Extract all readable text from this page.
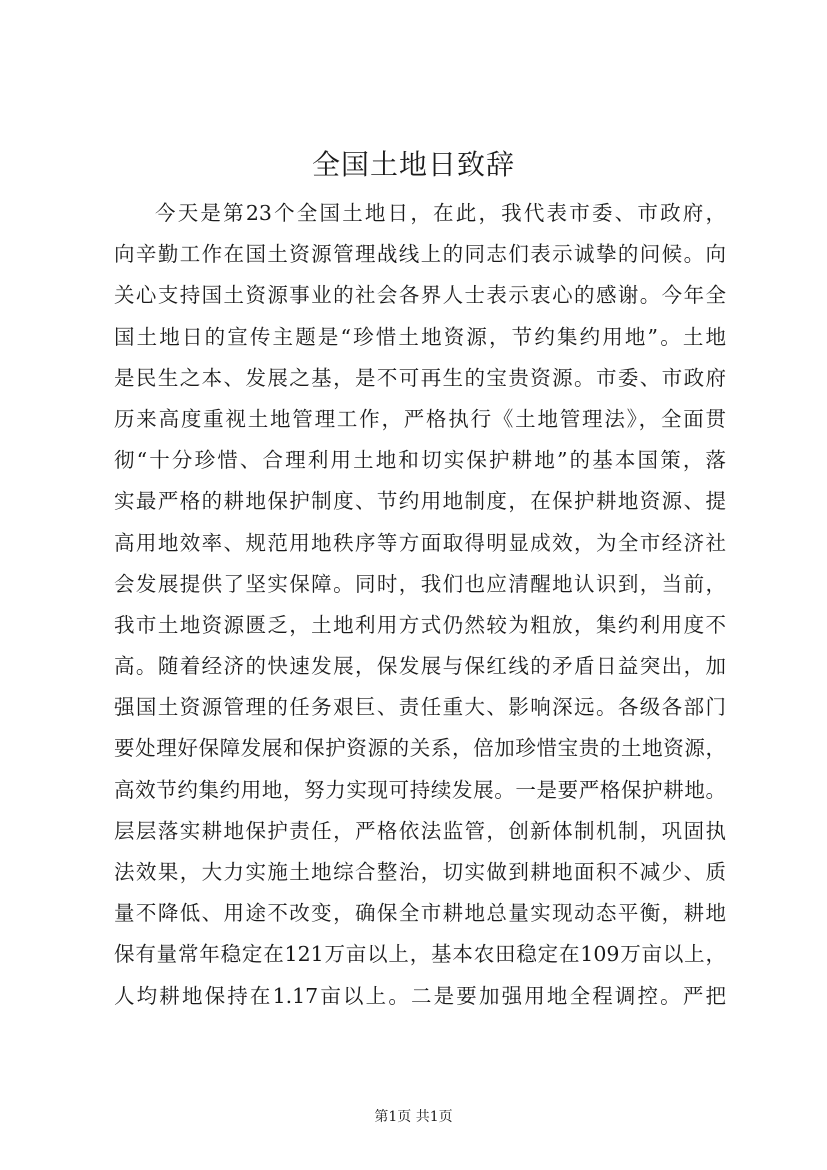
全国土地日致辞
今天是第23个全国土地日，在此，我代表市委、市政府，
向辛勤工作在国土资源管理战线上的同志们表示诚挚的问候。向
关心支持国土资源事业的社会各界人士表示衷心的感谢。今年全
国土地日的宣传主题是“珍惜土地资源，节约集约用地”。土地
是民生之本、发展之基，是不可再生的宝贵资源。市委、市政府
历来高度重视土地管理工作，严格执行《土地管理法》，全面贯
彻“十分珍惜、合理利用土地和切实保护耕地”的基本国策，落
实最严格的耕地保护制度、节约用地制度，在保护耕地资源、提
高用地效率、规范用地秩序等方面取得明显成效，为全市经济社
会发展提供了坚实保障。同时，我们也应清醒地认识到，当前，
我市土地资源匮乏，土地利用方式仍然较为粗放，集约利用度不
高。随着经济的快速发展，保发展与保红线的矛盾日益突出，加
强国土资源管理的任务艰巨、责任重大、影响深远。各级各部门
要处理好保障发展和保护资源的关系，倍加珍惜宝贵的土地资源，
高效节约集约用地，努力实现可持续发展。一是要严格保护耕地。
层层落实耕地保护责任，严格依法监管，创新体制机制，巩固执
法效果，大力实施土地综合整治，切实做到耕地面积不减少、质
量不降低、用途不改变，确保全市耕地总量实现动态平衡，耕地
保有量常年稳定在121万亩以上，基本农田稳定在109万亩以上，
人均耕地保持在1.17亩以上。二是要加强用地全程调控。严把
第1页 共1页
